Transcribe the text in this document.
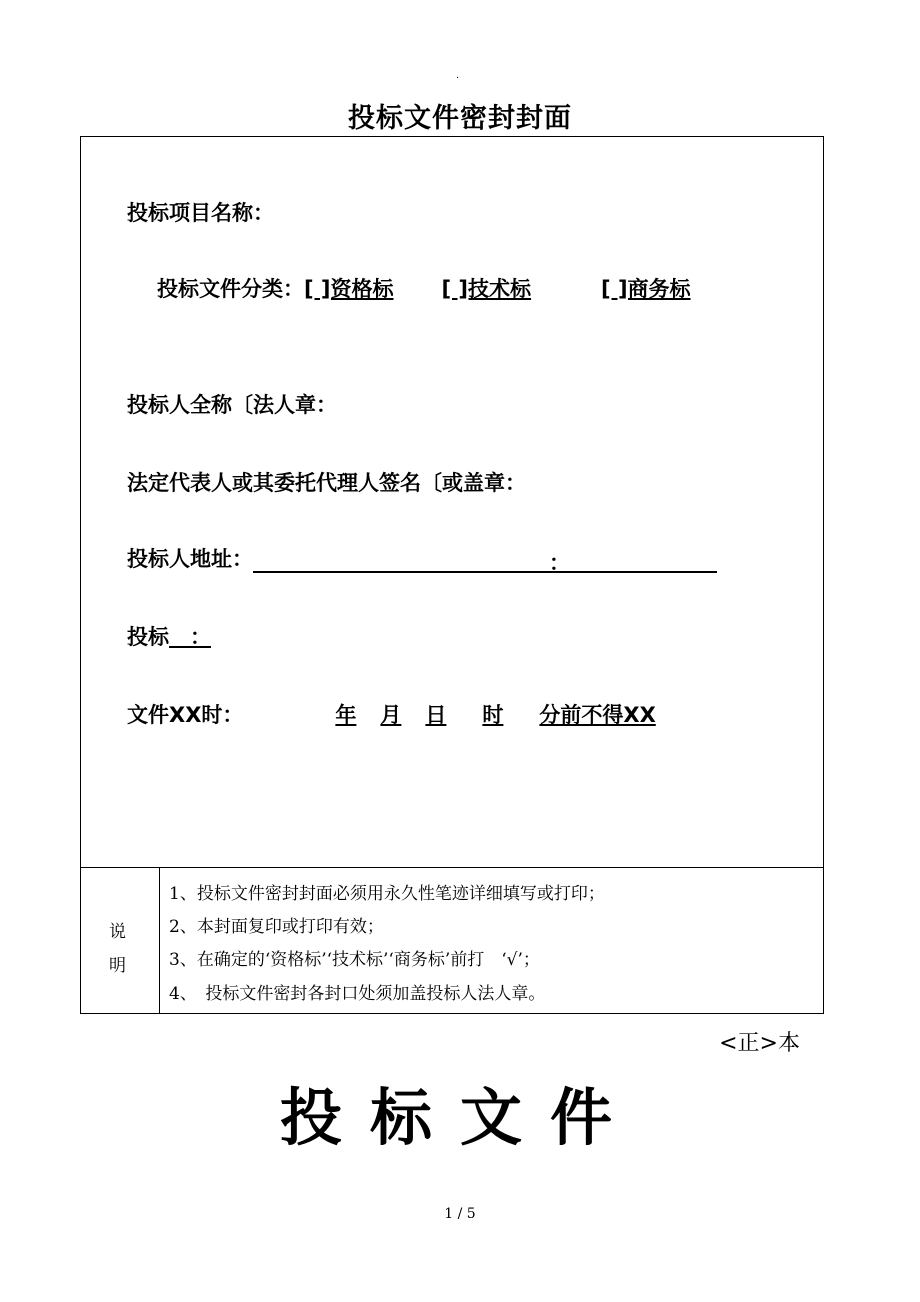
.
投标文件密封封面
投标项目名称：
投标文件分类：[ ]资格标 [ ]技术标	[ ]商务标
投标人全称〔法人章：
法定代表人或其委托代理人签名〔或盖章：
投标人地址：	：
投标　 ：
文件XX时：	年 月 日 时 分前不得XX
说
明
1、投标文件密封封面必须用永久性笔迹详细填写或打印；
2、本封面复印或打印有效；
3、在确定的‘资格标’‘技术标’‘商务标’前打　‘√’；
4、　投标文件密封各封口处须加盖投标人法人章。
<正>本
投标文件
1 / 5
